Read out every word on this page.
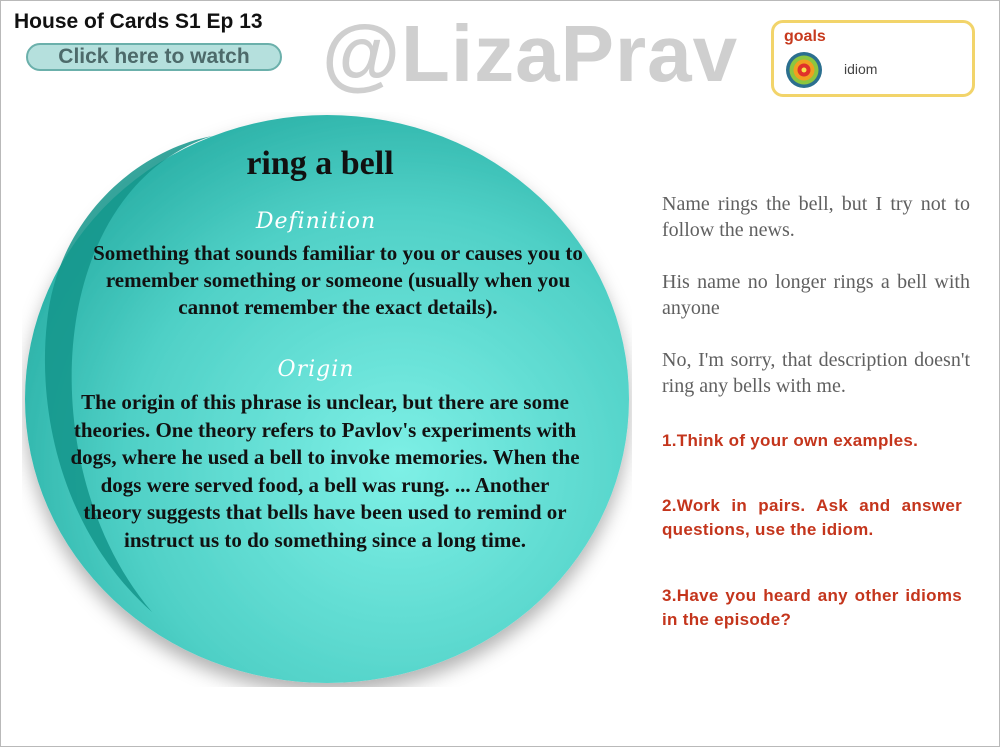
House of Cards S1 Ep 13
Click here to watch @LizaPrav	goals
idiom
ring a bell
Definition
Something that sounds familiar to you or causes you to remember something or someone (usually when you cannot remember the exact details).
Origin
The origin of this phrase is unclear, but there are some theories. One theory refers to Pavlov's experiments with dogs, where he used a bell to invoke memories. When the dogs were served food, a bell was rung. ... Another theory suggests that bells have been used to remind or instruct us to do something since a long time.
Name rings the bell, but I try not to follow the news.
His name no longer rings a bell with anyone
No, I'm sorry, that description doesn't ring any bells with me.
1.Think of your own examples.
2.Work in pairs. Ask and answer questions, use the idiom.
3.Have you heard any other idioms in the episode?
